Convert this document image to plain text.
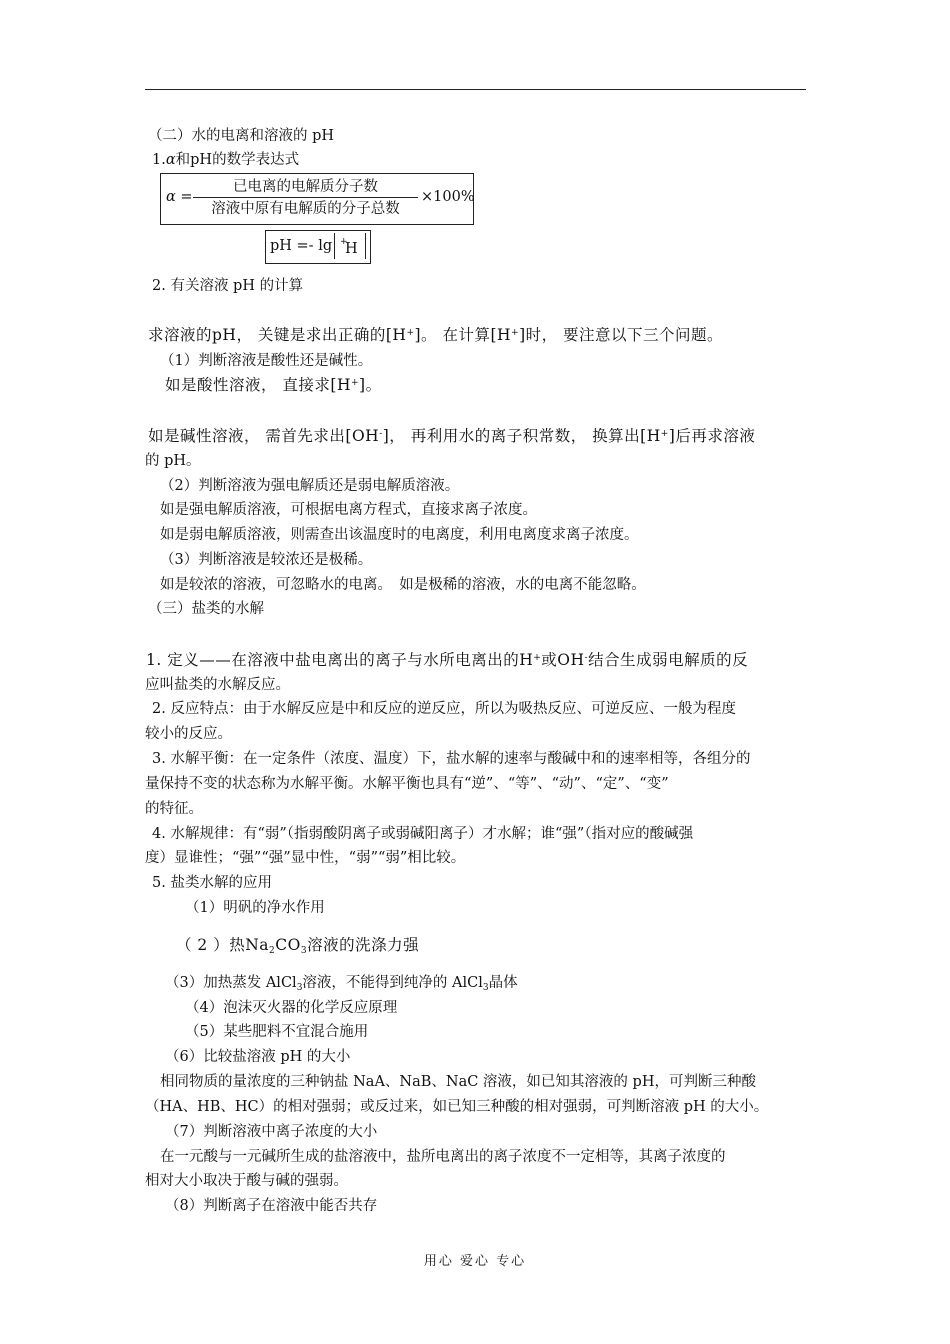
（二）水的电离和溶液的 pH
1.α和pH的数学表达式
α =
已电离的电解质分子数
溶液中原有电解质的分子总数
×100%
pH =- lg H
+
2. 有关溶液 pH 的计算
求溶液的pH， 关键是求出正确的[H+]。 在计算[H+]时， 要注意以下三个问题。
（1）判断溶液是酸性还是碱性。
如是酸性溶液， 直接求[H+]。
如是碱性溶液， 需首先求出[OH-]， 再利用水的离子积常数， 换算出[H+]后再求溶液
的 pH。
（2）判断溶液为强电解质还是弱电解质溶液。
如是强电解质溶液，可根据电离方程式，直接求离子浓度。
如是弱电解质溶液，则需查出该温度时的电离度，利用电离度求离子浓度。
（3）判断溶液是较浓还是极稀。
如是较浓的溶液，可忽略水的电离。　如是极稀的溶液，水的电离不能忽略。
（三）盐类的水解
1. 定义——在溶液中盐电离出的离子与水所电离出的H+或OH-结合生成弱电解质的反
应叫盐类的水解反应。
2. 反应特点：由于水解反应是中和反应的逆反应，所以为吸热反应、可逆反应、一般为程度
较小的反应。
3. 水解平衡：在一定条件（浓度、温度）下，盐水解的速率与酸碱中和的速率相等，各组分的
量保持不变的状态称为水解平衡。水解平衡也具有“逆”、“等”、“动”、“定”、“变”
的特征。
4. 水解规律：有“弱”（指弱酸阴离子或弱碱阳离子）才水解；谁“强”（指对应的酸碱强
度）显谁性；“强”“强”显中性，“弱”“弱”相比较。
5. 盐类水解的应用
（1）明矾的净水作用
（ 2 ）热$Na_2CO_3$溶液的洗涤力强
（3）加热蒸发 AlCl$_3$溶液，不能得到纯净的 AlCl$_3$晶体
（4）泡沫灭火器的化学反应原理
（5）某些肥料不宜混合施用
（6）比较盐溶液 pH 的大小
相同物质的量浓度的三种钠盐 NaA、NaB、NaC 溶液，如已知其溶液的 pH，可判断三种酸
（HA、HB、HC）的相对强弱；或反过来，如已知三种酸的相对强弱，可判断溶液 pH 的大小。
（7）判断溶液中离子浓度的大小
在一元酸与一元碱所生成的盐溶液中，盐所电离出的离子浓度不一定相等，其离子浓度的
相对大小取决于酸与碱的强弱。
（8）判断离子在溶液中能否共存
用心 爱心 专心
